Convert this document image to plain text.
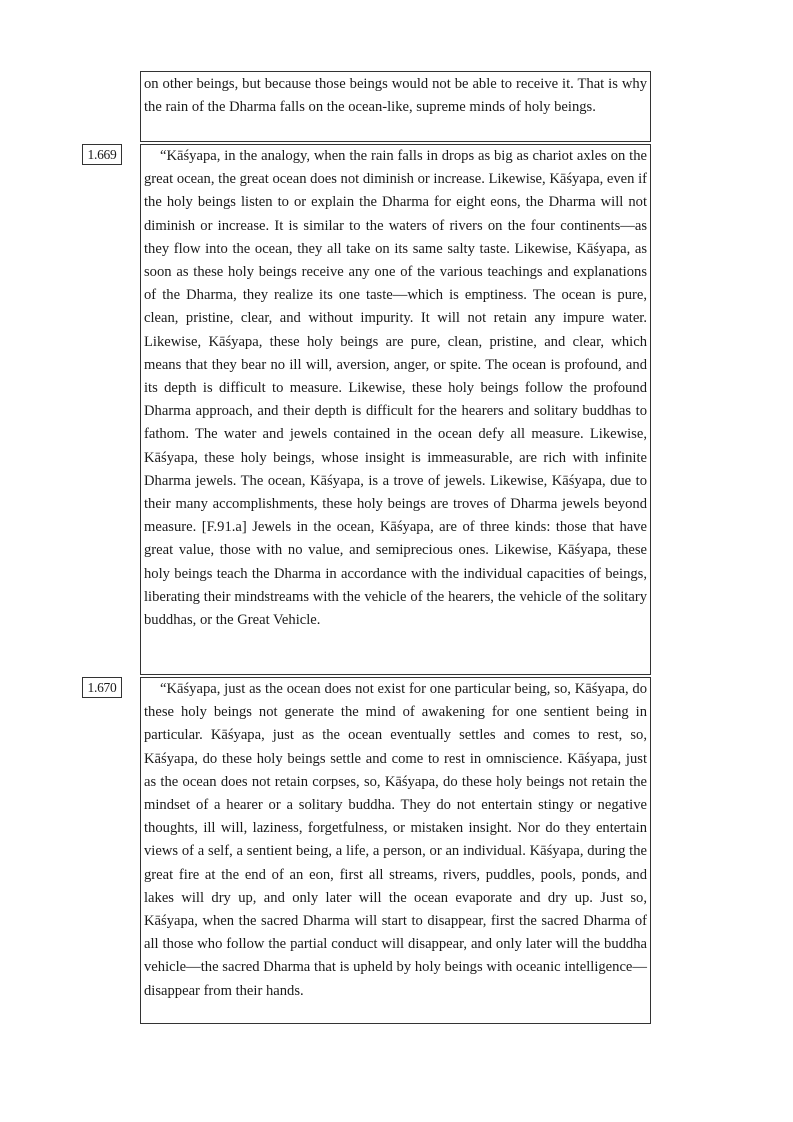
on other beings, but because those beings would not be able to receive it. That is why the rain of the Dharma falls on the ocean-like, supreme minds of holy beings.

1.669	“Kāśyapa, in the analogy, when the rain falls in drops as big as chariot axles on the great ocean, the great ocean does not diminish or increase. Likewise, Kāśyapa, even if the holy beings listen to or explain the Dharma for eight eons, the Dharma will not diminish or increase. It is similar to the waters of rivers on the four continents—as they flow into the ocean, they all take on its same salty taste. Likewise, Kāśyapa, as soon as these holy beings receive any one of the various teachings and explanations of the Dharma, they realize its one taste—which is emptiness. The ocean is pure, clean, pristine, clear, and without impurity. It will not retain any impure water. Likewise, Kāśyapa, these holy beings are pure, clean, pristine, and clear, which means that they bear no ill will, aversion, anger, or spite. The ocean is profound, and its depth is difficult to measure. Likewise, these holy beings follow the profound Dharma approach, and their depth is difficult for the hearers and solitary buddhas to fathom. The water and jewels contained in the ocean defy all measure. Likewise, Kāśyapa, these holy beings, whose insight is immeasurable, are rich with infinite Dharma jewels. The ocean, Kāśyapa, is a trove of jewels. Likewise, Kāśyapa, due to their many accomplishments, these holy beings are troves of Dharma jewels beyond measure. [F.91.a] Jewels in the ocean, Kāśyapa, are of three kinds: those that have great value, those with no value, and semiprecious ones. Likewise, Kāśyapa, these holy beings teach the Dharma in accordance with the individual capacities of beings, liberating their mindstreams with the vehicle of the hearers, the vehicle of the solitary buddhas, or the Great Vehicle.

1.670	“Kāśyapa, just as the ocean does not exist for one particular being, so, Kāśyapa, do these holy beings not generate the mind of awakening for one sentient being in particular. Kāśyapa, just as the ocean eventually settles and comes to rest, so, Kāśyapa, do these holy beings settle and come to rest in omniscience. Kāśyapa, just as the ocean does not retain corpses, so, Kāśyapa, do these holy beings not retain the mindset of a hearer or a solitary buddha. They do not entertain stingy or negative thoughts, ill will, laziness, forgetfulness, or mistaken insight. Nor do they entertain views of a self, a sentient being, a life, a person, or an individual. Kāśyapa, during the great fire at the end of an eon, first all streams, rivers, puddles, pools, ponds, and lakes will dry up, and only later will the ocean evaporate and dry up. Just so, Kāśyapa, when the sacred Dharma will start to disappear, first the sacred Dharma of all those who follow the partial conduct will disappear, and only later will the buddha vehicle—the sacred Dharma that is upheld by holy beings with oceanic intelligence—disappear from their hands.
